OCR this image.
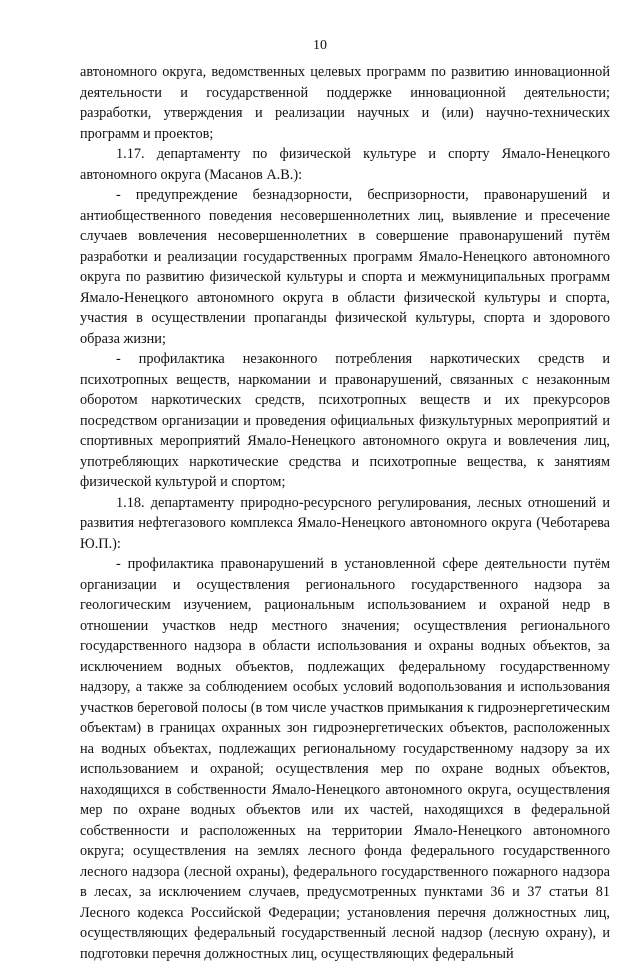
10

автономного округа, ведомственных целевых программ по развитию инновационной деятельности и государственной поддержке инновационной деятельности; разработки, утверждения и реализации научных и (или) научно-технических программ и проектов;

1.17. департаменту по физической культуре и спорту Ямало-Ненецкого автономного округа (Масанов А.В.):

- предупреждение безнадзорности, беспризорности, правонарушений и антиобщественного поведения несовершеннолетних лиц, выявление и пресечение случаев вовлечения несовершеннолетних в совершение правонарушений путём разработки и реализации государственных программ Ямало-Ненецкого автономного округа по развитию физической культуры и спорта и межмуниципальных программ Ямало-Ненецкого автономного округа в области физической культуры и спорта, участия в осуществлении пропаганды физической культуры, спорта и здорового образа жизни;

- профилактика незаконного потребления наркотических средств и психотропных веществ, наркомании и правонарушений, связанных с незаконным оборотом наркотических средств, психотропных веществ и их прекурсоров посредством организации и проведения официальных физкультурных мероприятий и спортивных мероприятий Ямало-Ненецкого автономного округа и вовлечения лиц, употребляющих наркотические средства и психотропные вещества, к занятиям физической культурой и спортом;

1.18. департаменту природно-ресурсного регулирования, лесных отношений и развития нефтегазового комплекса Ямало-Ненецкого автономного округа (Чеботарева Ю.П.):

- профилактика правонарушений в установленной сфере деятельности путём организации и осуществления регионального государственного надзора за геологическим изучением, рациональным использованием и охраной недр в отношении участков недр местного значения; осуществления регионального государственного надзора в области использования и охраны водных объектов, за исключением водных объектов, подлежащих федеральному государственному надзору, а также за соблюдением особых условий водопользования и использования участков береговой полосы (в том числе участков примыкания к гидроэнергетическим объектам) в границах охранных зон гидроэнергетических объектов, расположенных на водных объектах, подлежащих региональному государственному надзору за их использованием и охраной; осуществления мер по охране водных объектов, находящихся в собственности Ямало-Ненецкого автономного округа, осуществления мер по охране водных объектов или их частей, находящихся в федеральной собственности и расположенных на территории Ямало-Ненецкого автономного округа; осуществления на землях лесного фонда федерального государственного лесного надзора (лесной охраны), федерального государственного пожарного надзора в лесах, за исключением случаев, предусмотренных пунктами 36 и 37 статьи 81 Лесного кодекса Российской Федерации; установления перечня должностных лиц, осуществляющих федеральный государственный лесной надзор (лесную охрану), и подготовки перечня должностных лиц, осуществляющих федеральный
